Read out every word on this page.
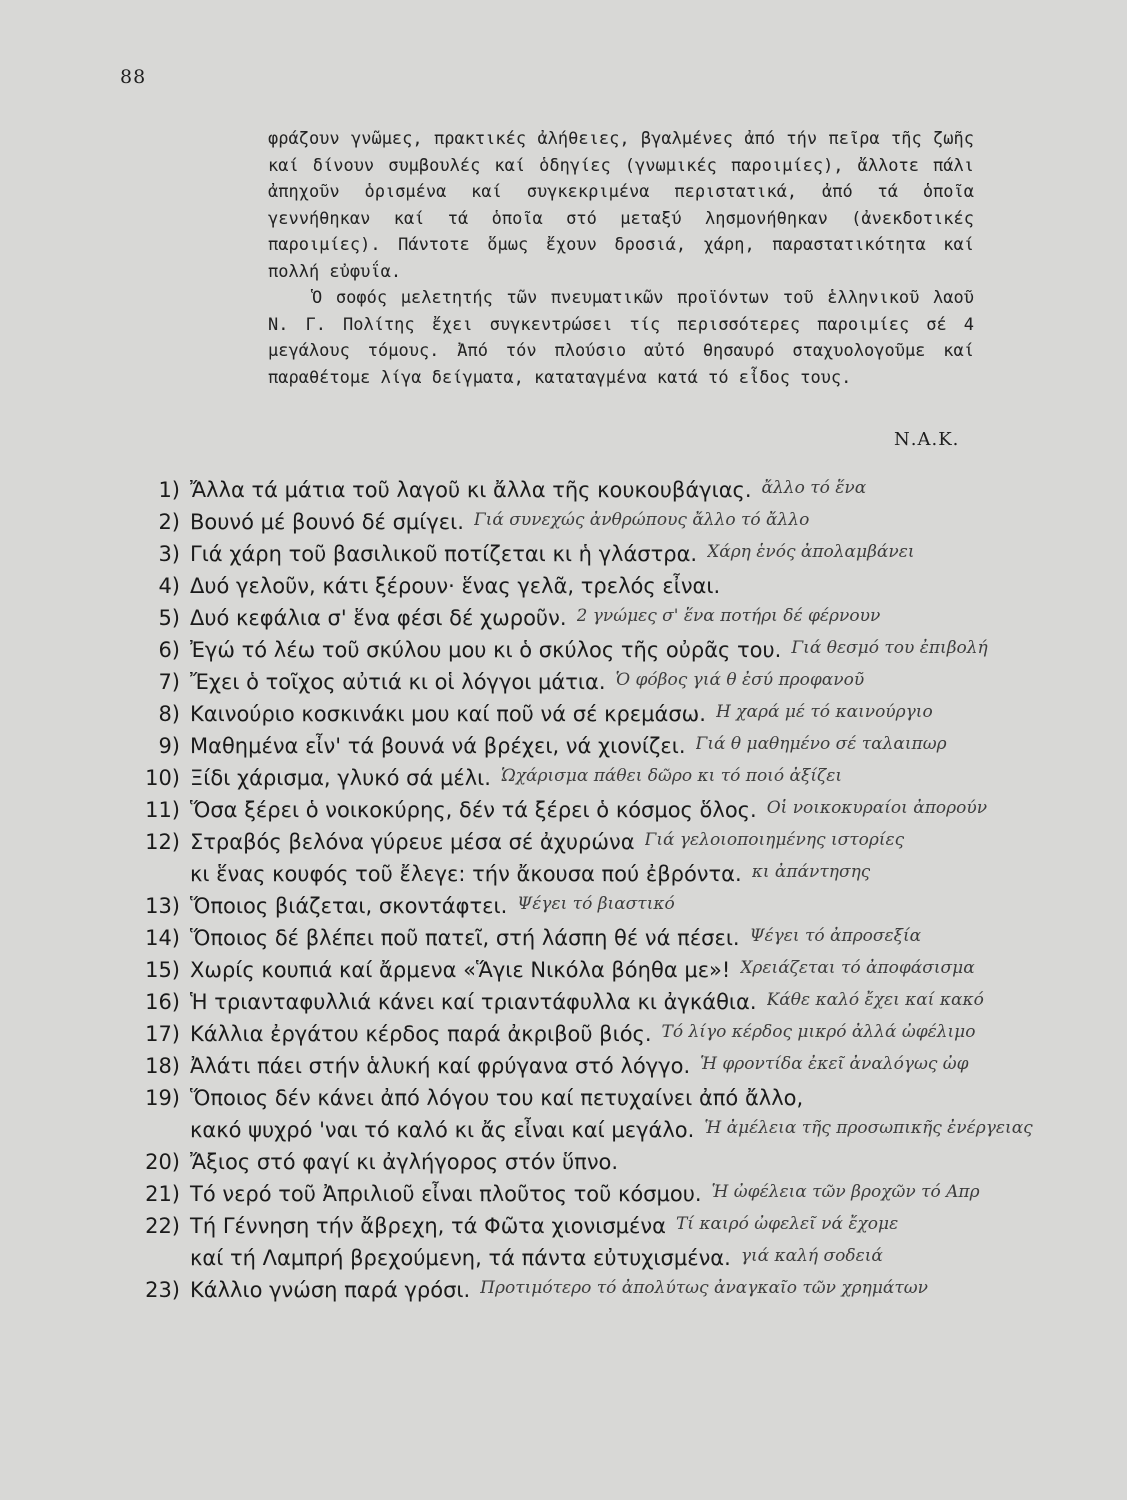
88

φράζουν γνῶμες, πρακτικές ἀλήθειες, βγαλμένες ἀπό τήν πεῖρα τῆς ζωῆς καί δίνουν συμβουλές καί ὁδηγίες (γνωμικές παροιμίες), ἄλλοτε πάλι ἀπηχοῦν ὁρισμένα καί συγκεκριμένα περιστατικά, ἀπό τά ὁποῖα γεννήθηκαν καί τά ὁποῖα στό μεταξύ λησμονήθηκαν (ἀνεκδοτικές παροιμίες). Πάντοτε ὅμως ἔχουν δροσιά, χάρη, παραστατικότητα καί πολλή εὐφυΐα.

Ὁ σοφός μελετητής τῶν πνευματικῶν προϊόντων τοῦ ἑλληνικοῦ λαοῦ Ν. Γ. Πολίτης ἔχει συγκεντρώσει τίς περισσότερες παροιμίες σέ 4 μεγάλους τόμους. Ἀπό τόν πλούσιο αὐτό θησαυρό σταχυολογοῦμε καί παραθέτομε λίγα δείγματα, καταταγμένα κατά τό εἶδος τους.

Ν.Α.Κ.
1) Ἄλλα τά μάτια τοῦ λαγοῦ κι ἄλλα τῆς κουκουβάγιας. ἄλλο τό ἕνα
2) Βουνό μέ βουνό δέ σμίγει. Γιά συνεχώς ἀνθρώπους ἄλλο τό ἄλλο
3) Γιά χάρη τοῦ βασιλικοῦ ποτίζεται κι ἡ γλάστρα. Χάρη ἑνός ἀπολαμβάνει
4) Δυό γελοῦν, κάτι ξέρουν· ἕνας γελᾶ, τρελός εἶναι.
5) Δυό κεφάλια σ' ἕνα φέσι δέ χωροῦν. 2 γνώμες σ' ἕνα ποτήρι δέ φέρνουν
6) Ἐγώ τό λέω τοῦ σκύλου μου κι ὁ σκύλος τῆς οὐρᾶς του. Γιά θεσμό του ἐπιβολή
7) Ἔχει ὁ τοῖχος αὐτιά κι οἱ λόγγοι μάτια. Ὁ φόβος γιά θ ἐσύ προφανοῦ
8) Καινούριο κοσκινάκι μου καί ποῦ νά σέ κρεμάσω. Η χαρά μέ τό καινούργιο
9) Μαθημένα εἶν' τά βουνά νά βρέχει, νά χιονίζει. Γιά θ μαθημένο σέ ταλαιπωρ
10) Ξίδι χάρισμα, γλυκό σά μέλι. Ὡχάρισμα πάθει δῶρο κι τό ποιό ἀξίζει
11) Ὅσα ξέρει ὁ νοικοκύρης, δέν τά ξέρει ὁ κόσμος ὅλος. Οἱ νοικοκυραίοι ἀπορούν
12) Στραβός βελόνα γύρευε μέσα σέ ἀχυρώνα Γιά γελοιοποιημένης ιστορίες
κι ἕνας κουφός τοῦ ἔλεγε: τήν ἄκουσα πού ἐβρόντα. κι ἀπάντησης
13) Ὅποιος βιάζεται, σκοντάφτει. Ψέγει τό βιαστικό
14) Ὅποιος δέ βλέπει ποῦ πατεῖ, στή λάσπη θέ νά πέσει. Ψέγει τό ἀπροσεξία
15) Χωρίς κουπιά καί ἄρμενα «Ἅγιε Νικόλα βόηθα με»! Χρειάζεται τό ἀποφάσισμα
16) Ἡ τριανταφυλλιά κάνει καί τριαντάφυλλα κι ἀγκάθια. Κάθε καλό ἔχει καί κακό
17) Κάλλια ἐργάτου κέρδος παρά ἀκριβοῦ βιός. Τό λίγο κέρδος μικρό ἀλλά ὠφέλιμο
18) Ἀλάτι πάει στήν ἁλυκή καί φρύγανα στό λόγγο. Ἡ φροντίδα ἐκεῖ ἀναλόγως ὠφ
19) Ὅποιος δέν κάνει ἀπό λόγου του καί πετυχαίνει ἀπό ἄλλο,
κακό ψυχρό 'ναι τό καλό κι ἄς εἶναι καί μεγάλο. Ἡ ἀμέλεια τῆς προσωπικῆς ἐνέργειας
20) Ἄξιος στό φαγί κι ἀγλήγορος στόν ὕπνο.
21) Τό νερό τοῦ Ἀπριλιοῦ εἶναι πλοῦτος τοῦ κόσμου. Ἡ ὠφέλεια τῶν βροχῶν τό Απρ
22) Τή Γέννηση τήν ἄβρεχη, τά Φῶτα χιονισμένα Τί καιρό ὠφελεῖ νά ἔχομε
καί τή Λαμπρή βρεχούμενη, τά πάντα εὐτυχισμένα. γιά καλή σοδειά
23) Κάλλιο γνώση παρά γρόσι. Προτιμότερο τό ἀπολύτως ἀναγκαῖο τῶν χρημάτων
